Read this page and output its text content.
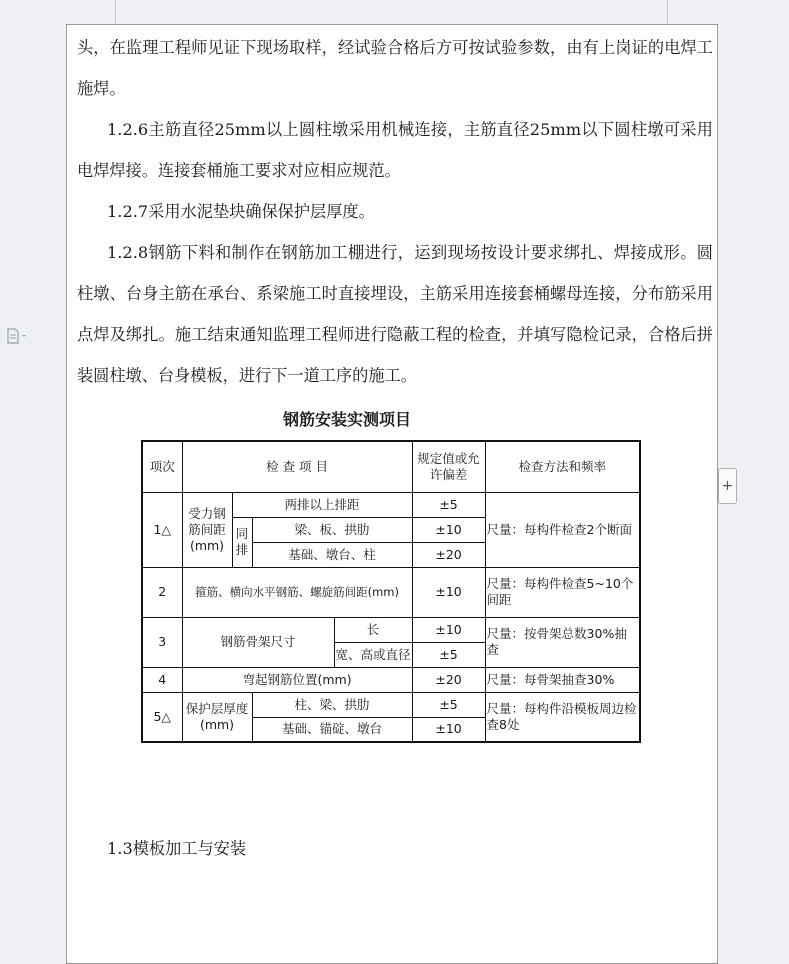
头，在监理工程师见证下现场取样，经试验合格后方可按试验参数，由有上岗证的电焊工施焊。

1.2.6主筋直径25mm以上圆柱墩采用机械连接，主筋直径25mm以下圆柱墩可采用电焊焊接。连接套桶施工要求对应相应规范。

1.2.7采用水泥垫块确保保护层厚度。

1.2.8钢筋下料和制作在钢筋加工棚进行，运到现场按设计要求绑扎、焊接成形。圆柱墩、台身主筋在承台、系梁施工时直接埋设，主筋采用连接套桶螺母连接，分布筋采用点焊及绑扎。施工结束通知监理工程师进行隐蔽工程的检查，并填写隐检记录，合格后拼装圆柱墩、台身模板，进行下一道工序的施工。

钢筋安装实测项目
项次	检 查 项 目				规定值或允许偏差	检查方法和频率
1△	受力钢筋间距(mm)	两排以上排距			±5	尺量：每构件检查2个断面
		同排	梁、板、拱肋		±10	
			基础、墩台、柱		±20	
2	箍筋、横向水平钢筋、螺旋筋间距(mm)				±10	尺量：每构件检查5~10个间距
3	钢筋骨架尺寸			长	±10	尺量：按骨架总数30%抽查
				宽、高或直径	±5	
4	弯起钢筋位置(mm)				±20	尺量：每骨架抽查30%
5△	保护层厚度(mm)		柱、梁、拱肋		±5	尺量：每构件沿模板周边检查8处
			基础、锚碇、墩台		±10	

1.3模板加工与安装

+
